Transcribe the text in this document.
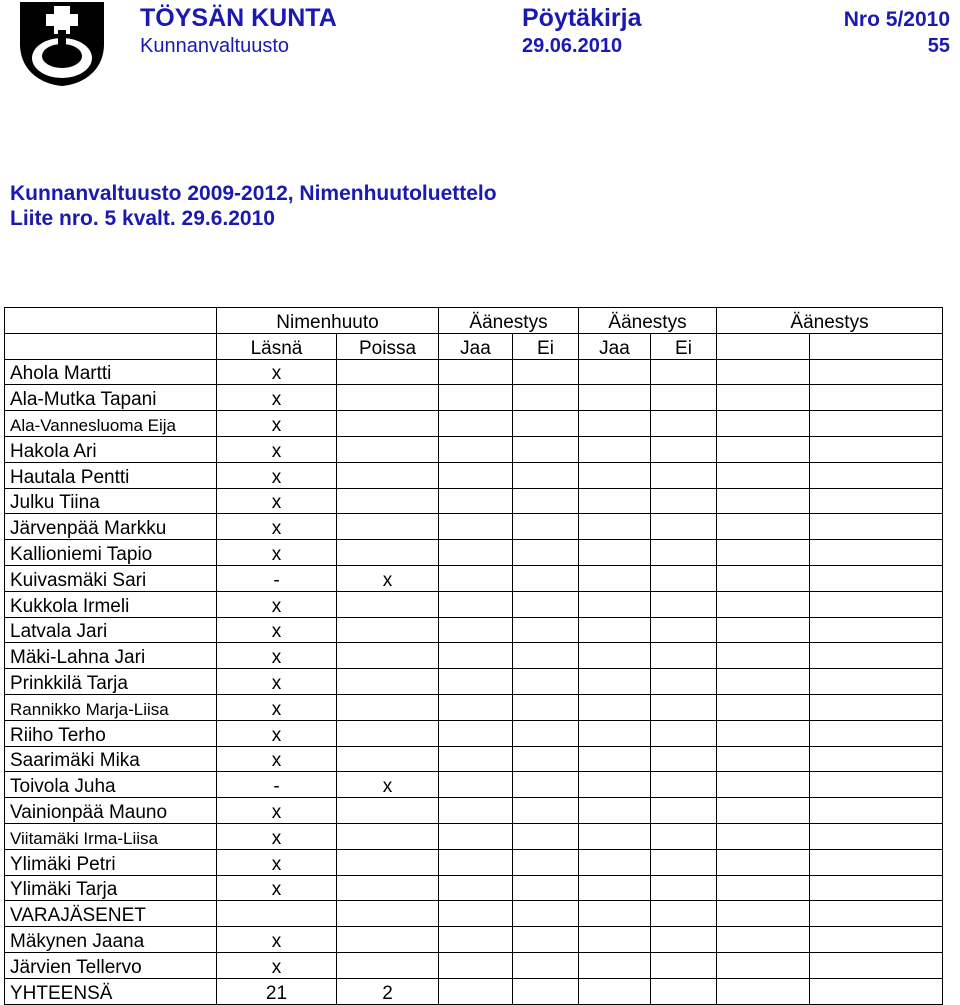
TÖYSÄN KUNTA
Kunnanvaltuusto
Pöytäkirja
29.06.2010
Nro 5/2010
55
Kunnanvaltuusto 2009-2012, Nimenhuutoluettelo
Liite nro. 5 kvalt. 29.6.2010
	Nimenhuuto		Äänestys		Äänestys		Äänestys	
	Läsnä	Poissa	Jaa	Ei	Jaa	Ei		
Ahola Martti	x							
Ala-Mutka Tapani	x							
Ala-Vannesluoma Eija	x							
Hakola Ari	x							
Hautala Pentti	x							
Julku Tiina	x							
Järvenpää Markku	x							
Kallioniemi Tapio	x							
Kuivasmäki Sari	-	x						
Kukkola Irmeli	x							
Latvala Jari	x							
Mäki-Lahna Jari	x							
Prinkkilä Tarja	x							
Rannikko Marja-Liisa	x							
Riiho Terho	x							
Saarimäki Mika	x							
Toivola Juha	-	x						
Vainionpää Mauno	x							
Viitamäki Irma-Liisa	x							
Ylimäki Petri	x							
Ylimäki Tarja	x							
VARAJÄSENET								
Mäkynen Jaana	x							
Järvien Tellervo	x							
YHTEENSÄ	21	2						
